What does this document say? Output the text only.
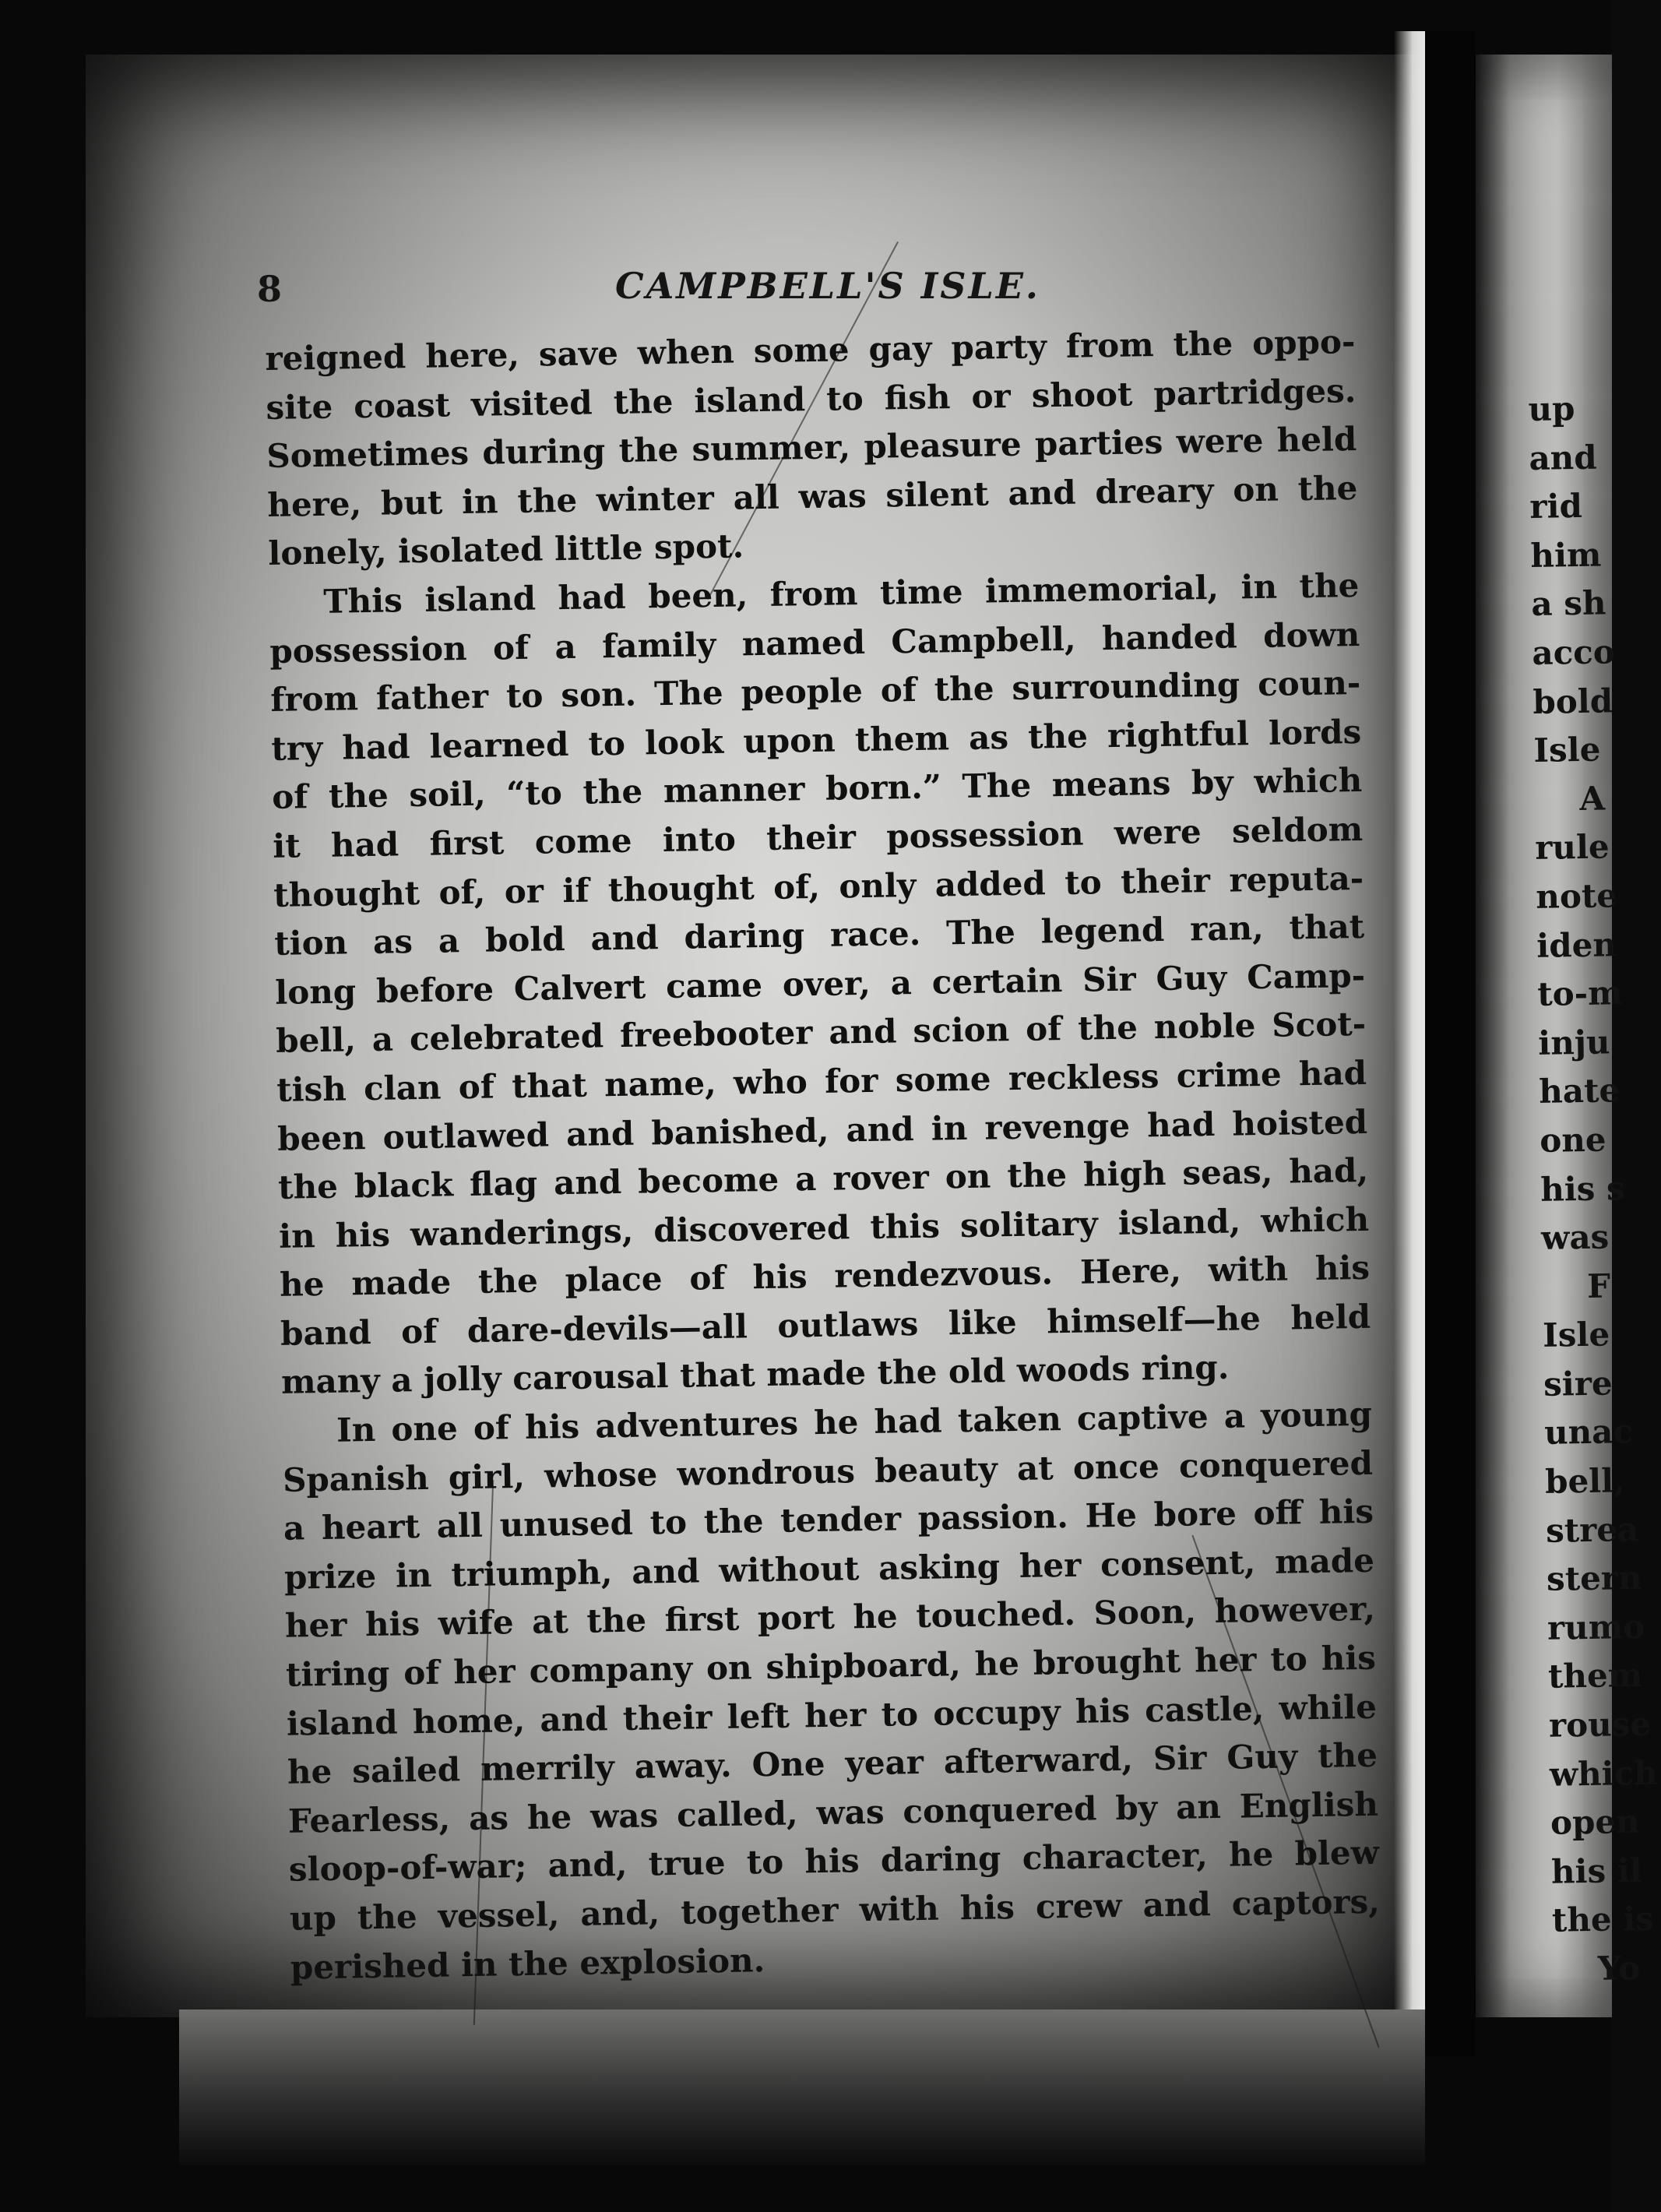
8	CAMPBELL'S ISLE.
reigned here, save when some gay party from the oppo-
site coast visited the island to fish or shoot partridges.
Sometimes during the summer, pleasure parties were held
here, but in the winter all was silent and dreary on the
lonely, isolated little spot.
This island had been, from time immemorial, in the
possession of a family named Campbell, handed down
from father to son. The people of the surrounding coun-
try had learned to look upon them as the rightful lords
of the soil, “to the manner born.” The means by which
it had first come into their possession were seldom
thought of, or if thought of, only added to their reputa-
tion as a bold and daring race. The legend ran, that
long before Calvert came over, a certain Sir Guy Camp-
bell, a celebrated freebooter and scion of the noble Scot-
tish clan of that name, who for some reckless crime had
been outlawed and banished, and in revenge had hoisted
the black flag and become a rover on the high seas, had,
in his wanderings, discovered this solitary island, which
he made the place of his rendezvous. Here, with his
band of dare-devils—all outlaws like himself—he held
many a jolly carousal that made the old woods ring.
In one of his adventures he had taken captive a young
Spanish girl, whose wondrous beauty at once conquered
a heart all unused to the tender passion. He bore off his
prize in triumph, and without asking her consent, made
her his wife at the first port he touched. Soon, however,
tiring of her company on shipboard, he brought her to his
island home, and their left her to occupy his castle, while
he sailed merrily away. One year afterward, Sir Guy the
Fearless, as he was called, was conquered by an English
sloop-of-war; and, true to his daring character, he blew
up the vessel, and, together with his crew and captors,
perished in the explosion.
up
and
rid
him
a sh
acco
bold
Isle
A
rule
note
iden
to-m
inju
hate
one
his s
was
F
Isle
sire
unac
bell,
strea
stern
rumo
them
rouse
which
open
his il
the is
Yo
